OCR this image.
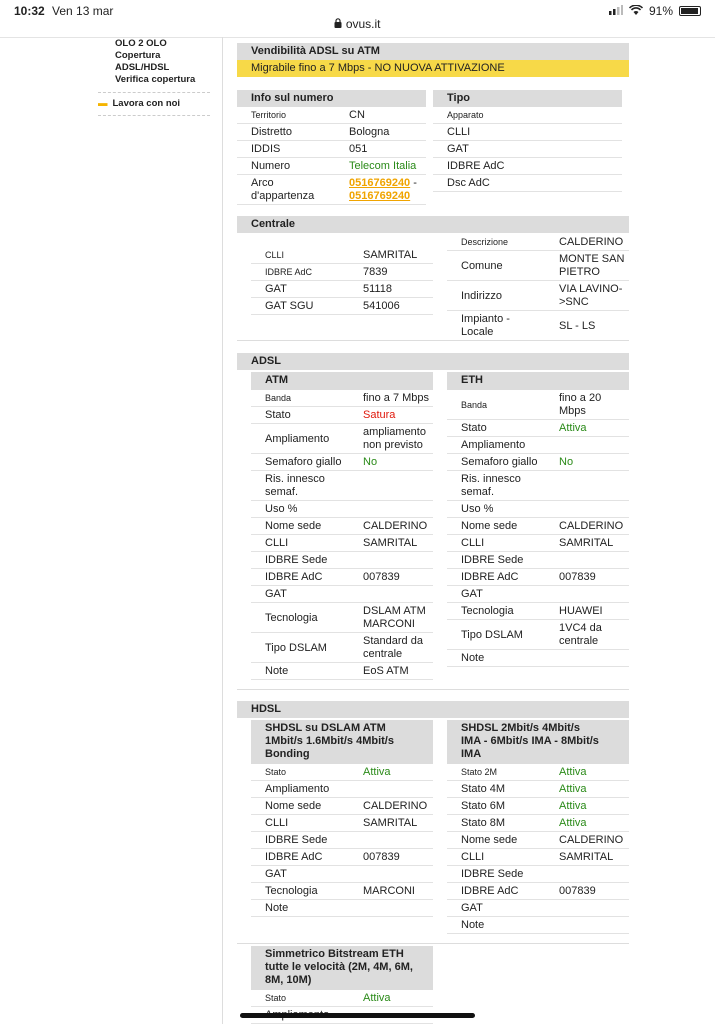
10:32 Ven 13 mar	91%
ovus.it
OLO 2 OLO
Copertura
ADSL/HDSL
Verifica copertura
▬ Lavora con noi
Vendibilità ADSL su ATM
Migrabile fino a 7 Mbps - NO NUOVA ATTIVAZIONE
Info sul numero
Territorio	CN
Distretto	Bologna
IDDIS	051
Numero	Telecom Italia
Arco d'appartenza	0516769240 -
0516769240
Tipo
Apparato
CLLI
GAT
IDBRE AdC
Dsc AdC
Centrale
CLLI	SAMRITAL
IDBRE AdC	7839
GAT	51118
GAT SGU	541006
Descrizione	CALDERINO
Comune	MONTE SAN PIETRO
Indirizzo	VIA LAVINO->SNC
Impianto - Locale	SL - LS
ADSL
ATM
Banda	fino a 7 Mbps
Stato	Satura
Ampliamento	ampliamento non previsto
Semaforo giallo	No
Ris. innesco semaf.	
Uso %	
Nome sede	CALDERINO
CLLI	SAMRITAL
IDBRE Sede	
IDBRE AdC	007839
GAT	
Tecnologia	DSLAM ATM MARCONI
Tipo DSLAM	Standard da centrale
Note	EoS ATM
ETH
Banda	fino a 20 Mbps
Stato	Attiva
Ampliamento	
Semaforo giallo	No
Ris. innesco semaf.	
Uso %	
Nome sede	CALDERINO
CLLI	SAMRITAL
IDBRE Sede	
IDBRE AdC	007839
GAT	
Tecnologia	HUAWEI
Tipo DSLAM	1VC4 da centrale
Note	
HDSL
SHDSL su DSLAM ATM 1Mbit/s 1.6Mbit/s 4Mbit/s Bonding
Stato	Attiva
Ampliamento	
Nome sede	CALDERINO
CLLI	SAMRITAL
IDBRE Sede	
IDBRE AdC	007839
GAT	
Tecnologia	MARCONI
Note	
SHDSL 2Mbit/s 4Mbit/s IMA - 6Mbit/s IMA - 8Mbit/s IMA
Stato 2M	Attiva
Stato 4M	Attiva
Stato 6M	Attiva
Stato 8M	Attiva
Nome sede	CALDERINO
CLLI	SAMRITAL
IDBRE Sede	
IDBRE AdC	007839
GAT	
Note	
Simmetrico Bitstream ETH tutte le velocità (2M, 4M, 6M, 8M, 10M)
Stato	Attiva
